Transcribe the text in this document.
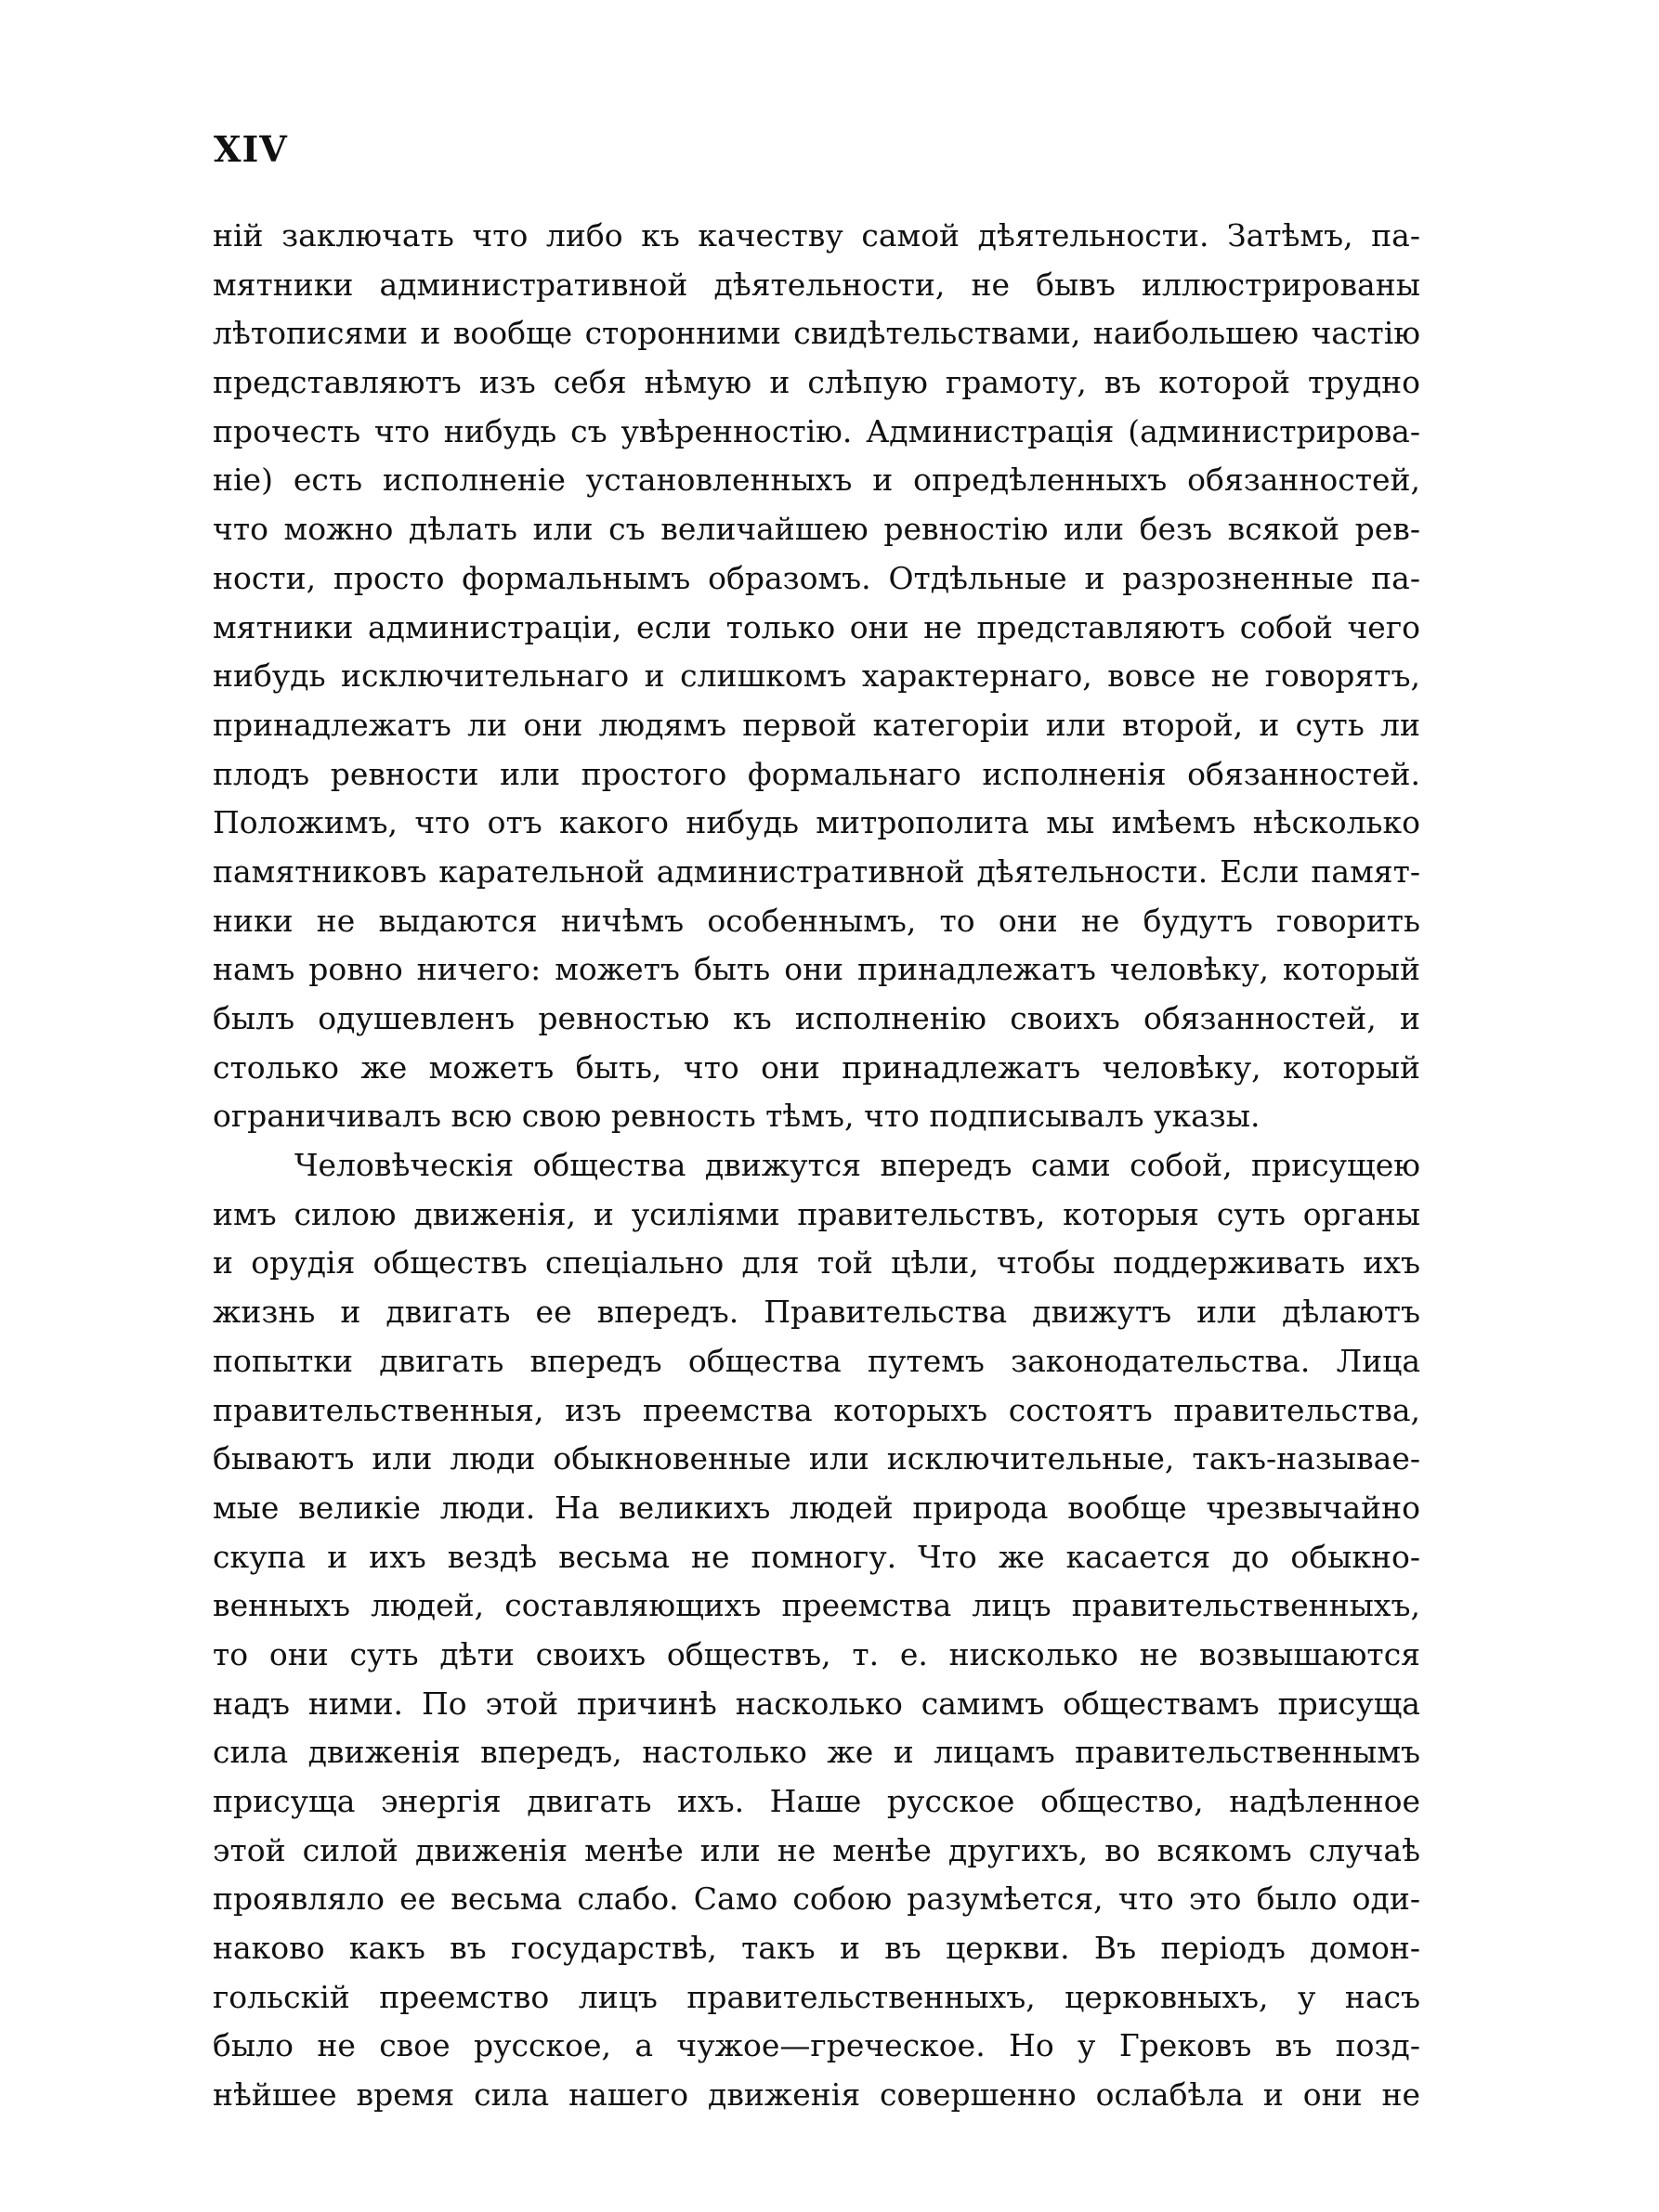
XIV
ній заключать что либо къ качеству самой дѣятельности. Затѣмъ, па-
мятники административной дѣятельности, не бывъ иллюстрированы
лѣтописями и вообще сторонними свидѣтельствами, наибольшею частію
представляютъ изъ себя нѣмую и слѣпую грамоту, въ которой трудно
прочесть что нибудь съ увѣренностію. Администрація (администрирова-
ніе) есть исполненіе установленныхъ и опредѣленныхъ обязанностей,
что можно дѣлать или съ величайшею ревностію или безъ всякой рев-
ности, просто формальнымъ образомъ. Отдѣльные и разрозненные па-
мятники администраціи, если только они не представляютъ собой чего
нибудь исключительнаго и слишкомъ характернаго, вовсе не говорятъ,
принадлежатъ ли они людямъ первой категоріи или второй, и суть ли
плодъ ревности или простого формальнаго исполненія обязанностей.
Положимъ, что отъ какого нибудь митрополита мы имѣемъ нѣсколько
памятниковъ карательной административной дѣятельности. Если памят-
ники не выдаются ничѣмъ особеннымъ, то они не будутъ говорить
намъ ровно ничего: можетъ быть они принадлежатъ человѣку, который
былъ одушевленъ ревностью къ исполненію своихъ обязанностей, и
столько же можетъ быть, что они принадлежатъ человѣку, который
ограничивалъ всю свою ревность тѣмъ, что подписывалъ указы.
Человѣческія общества движутся впередъ сами собой, присущею
имъ силою движенія, и усиліями правительствъ, которыя суть органы
и орудія обществъ спеціально для той цѣли, чтобы поддерживать ихъ
жизнь и двигать ее впередъ. Правительства движутъ или дѣлаютъ
попытки двигать впередъ общества путемъ законодательства. Лица
правительственныя, изъ преемства которыхъ состоятъ правительства,
бываютъ или люди обыкновенные или исключительные, такъ-называе-
мые великіе люди. На великихъ людей природа вообще чрезвычайно
скупа и ихъ вездѣ весьма не помногу. Что же касается до обыкно-
венныхъ людей, составляющихъ преемства лицъ правительственныхъ,
то они суть дѣти своихъ обществъ, т. е. нисколько не возвышаются
надъ ними. По этой причинѣ насколько самимъ обществамъ присуща
сила движенія впередъ, настолько же и лицамъ правительственнымъ
присуща энергія двигать ихъ. Наше русское общество, надѣленное
этой силой движенія менѣе или не менѣе другихъ, во всякомъ случаѣ
проявляло ее весьма слабо. Само собою разумѣется, что это было оди-
наково какъ въ государствѣ, такъ и въ церкви. Въ періодъ домон-
гольскій преемство лицъ правительственныхъ, церковныхъ, у насъ
было не свое русское, а чужое—греческое. Но у Грековъ въ позд-
нѣйшее время сила нашего движенія совершенно ослабѣла и они не
